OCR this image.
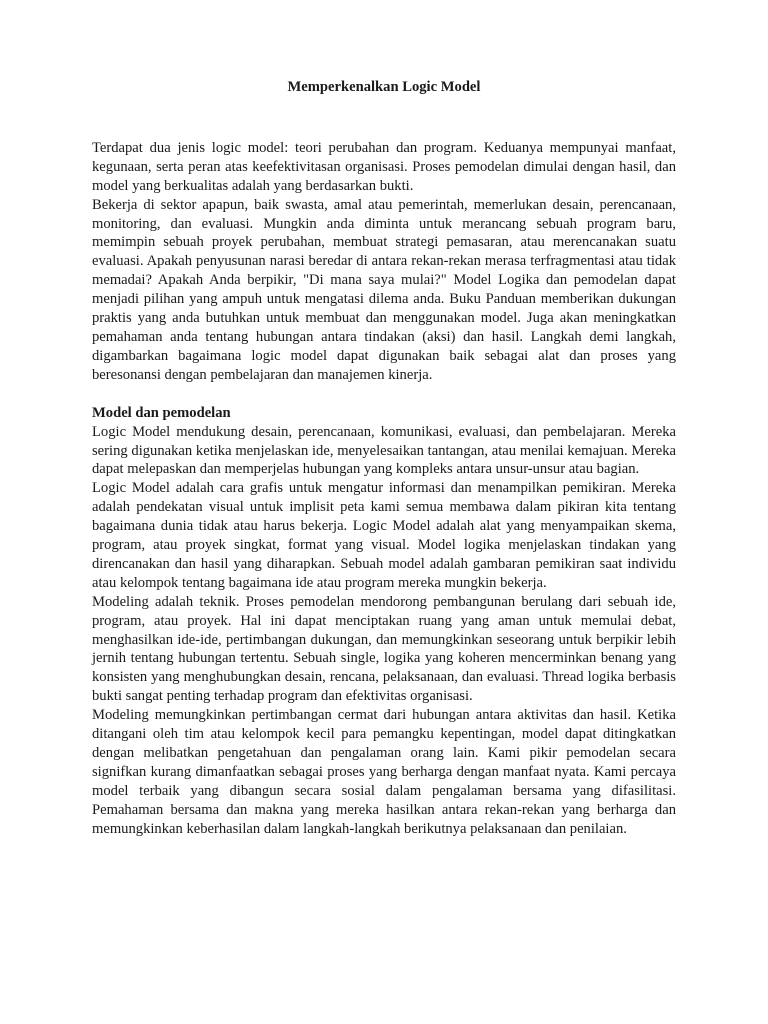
Memperkenalkan Logic Model

Terdapat dua jenis logic model: teori perubahan dan program. Keduanya mempunyai manfaat, kegunaan, serta peran atas keefektivitasan organisasi. Proses pemodelan dimulai dengan hasil, dan model yang berkualitas adalah yang berdasarkan bukti.

Bekerja di sektor apapun, baik swasta, amal atau pemerintah, memerlukan desain, perencanaan, monitoring, dan evaluasi. Mungkin anda diminta untuk merancang sebuah program baru, memimpin sebuah proyek perubahan, membuat strategi pemasaran, atau merencanakan suatu evaluasi. Apakah penyusunan narasi beredar di antara rekan-rekan merasa terfragmentasi atau tidak memadai? Apakah Anda berpikir, "Di mana saya mulai?" Model Logika dan pemodelan dapat menjadi pilihan yang ampuh untuk mengatasi dilema anda. Buku Panduan memberikan dukungan praktis yang anda butuhkan untuk membuat dan menggunakan model. Juga akan meningkatkan pemahaman anda tentang hubungan antara tindakan (aksi) dan hasil. Langkah demi langkah, digambarkan bagaimana logic model dapat digunakan baik sebagai alat dan proses yang beresonansi dengan pembelajaran dan manajemen kinerja.

Model dan pemodelan

Logic Model mendukung desain, perencanaan, komunikasi, evaluasi, dan pembelajaran. Mereka sering digunakan ketika menjelaskan ide, menyelesaikan tantangan, atau menilai kemajuan. Mereka dapat melepaskan dan memperjelas hubungan yang kompleks antara unsur-unsur atau bagian.

Logic Model adalah cara grafis untuk mengatur informasi dan menampilkan pemikiran. Mereka adalah pendekatan visual untuk implisit peta kami semua membawa dalam pikiran kita tentang bagaimana dunia tidak atau harus bekerja. Logic Model adalah alat yang menyampaikan skema, program, atau proyek singkat, format yang visual. Model logika menjelaskan tindakan yang direncanakan dan hasil yang diharapkan. Sebuah model adalah gambaran pemikiran saat individu atau kelompok tentang bagaimana ide atau program mereka mungkin bekerja.

Modeling adalah teknik. Proses pemodelan mendorong pembangunan berulang dari sebuah ide, program, atau proyek. Hal ini dapat menciptakan ruang yang aman untuk memulai debat, menghasilkan ide-ide, pertimbangan dukungan, dan memungkinkan seseorang untuk berpikir lebih jernih tentang hubungan tertentu. Sebuah single, logika yang koheren mencerminkan benang yang konsisten yang menghubungkan desain, rencana, pelaksanaan, dan evaluasi. Thread logika berbasis bukti sangat penting terhadap program dan efektivitas organisasi.

Modeling memungkinkan pertimbangan cermat dari hubungan antara aktivitas dan hasil. Ketika ditangani oleh tim atau kelompok kecil para pemangku kepentingan, model dapat ditingkatkan dengan melibatkan pengetahuan dan pengalaman orang lain. Kami pikir pemodelan secara signifkan kurang dimanfaatkan sebagai proses yang berharga dengan manfaat nyata. Kami percaya model terbaik yang dibangun secara sosial dalam pengalaman bersama yang difasilitasi. Pemahaman bersama dan makna yang mereka hasilkan antara rekan-rekan yang berharga dan memungkinkan keberhasilan dalam langkah-langkah berikutnya pelaksanaan dan penilaian.
